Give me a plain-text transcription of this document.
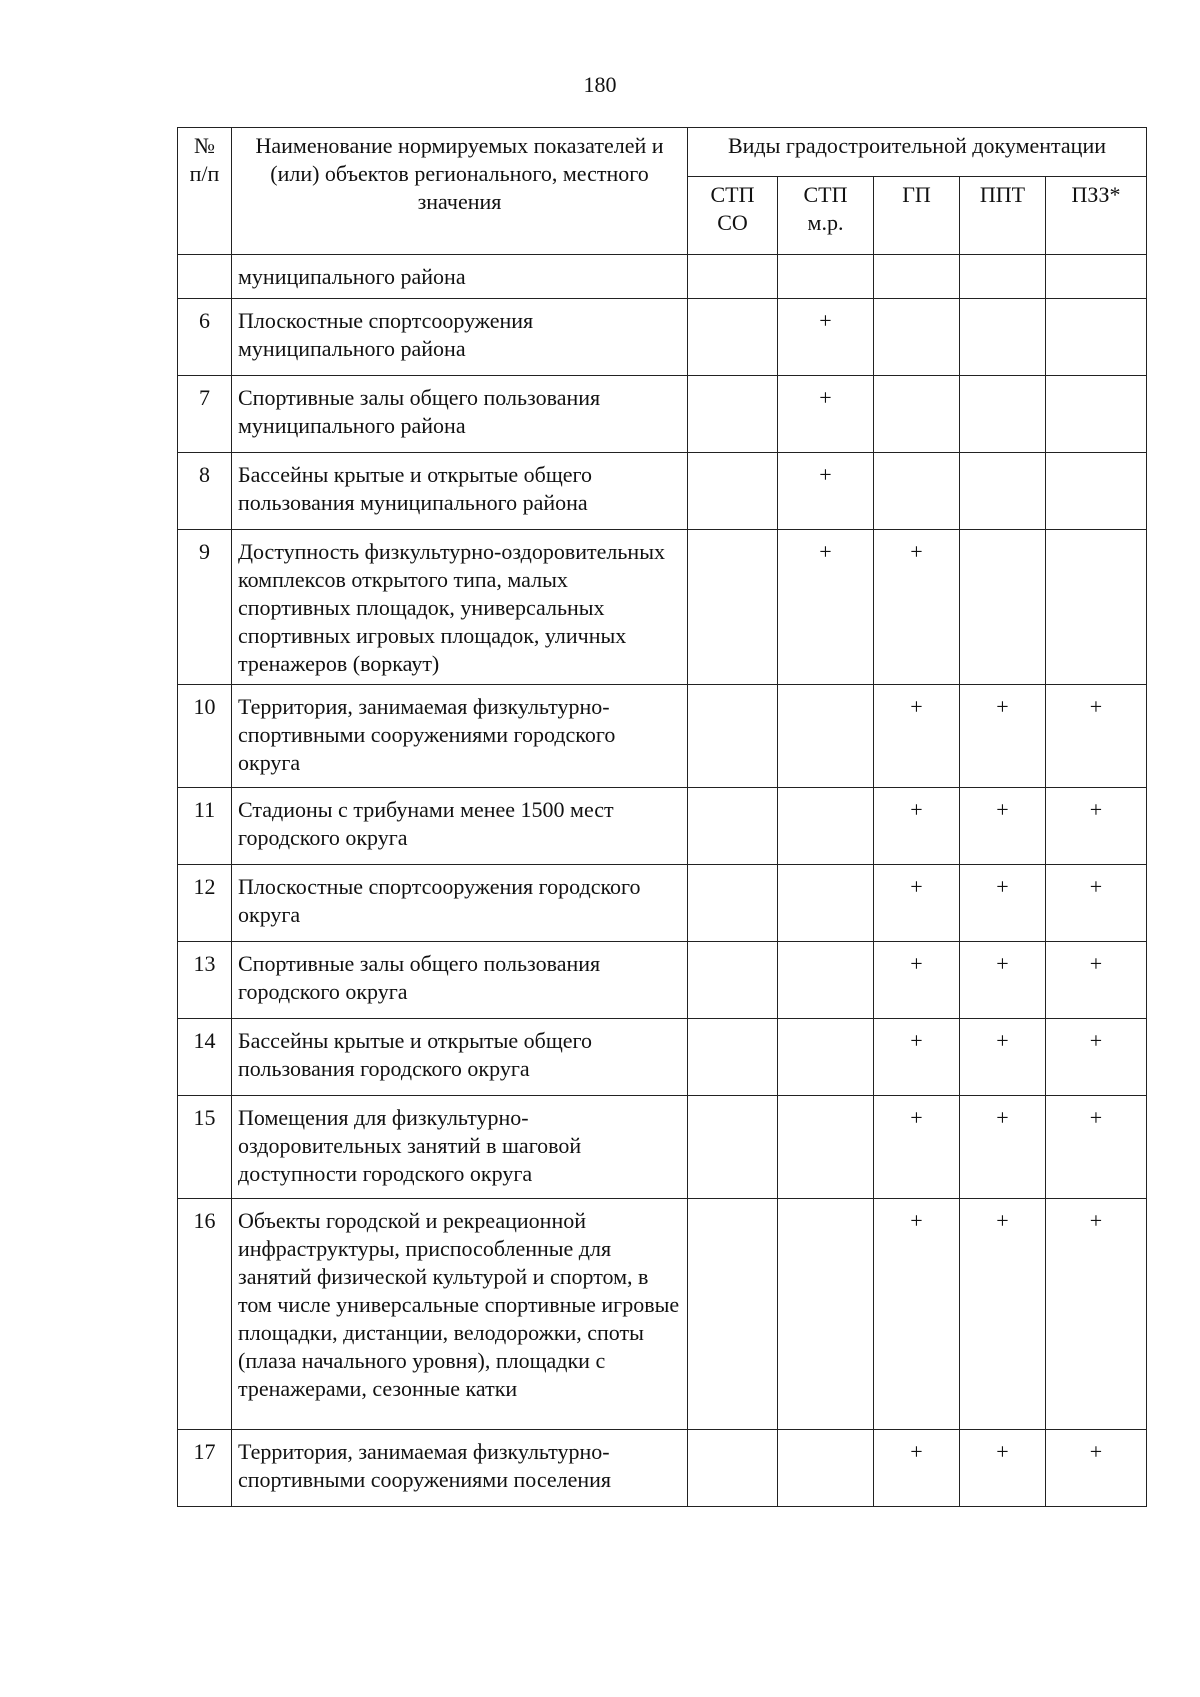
180
№ п/п	Наименование нормируемых показателей и (или) объектов регионального, местного значения	Виды градостроительной документации				
		СТП СО	СТП м.р.	ГП	ППТ	ПЗЗ*
	муниципального района					
6	Плоскостные спортсооружения муниципального района		+			
7	Спортивные залы общего пользования муниципального района		+			
8	Бассейны крытые и открытые общего пользования муниципального района		+			
9	Доступность физкультурно-оздоровительных комплексов открытого типа, малых спортивных площадок, универсальных спортивных игровых площадок, уличных тренажеров (воркаут)		+	+		
10	Территория, занимаемая физкультурно-спортивными сооружениями городского округа			+	+	+
11	Стадионы с трибунами менее 1500 мест городского округа			+	+	+
12	Плоскостные спортсооружения городского округа			+	+	+
13	Спортивные залы общего пользования городского округа			+	+	+
14	Бассейны крытые и открытые общего пользования городского округа			+	+	+
15	Помещения для физкультурно-оздоровительных занятий в шаговой доступности городского округа			+	+	+
16	Объекты городской и рекреационной инфраструктуры, приспособленные для занятий физической культурой и спортом, в том числе универсальные спортивные игровые площадки, дистанции, велодорожки, споты (плаза начального уровня), площадки с тренажерами, сезонные катки			+	+	+
17	Территория, занимаемая физкультурно-спортивными сооружениями поселения			+	+	+
